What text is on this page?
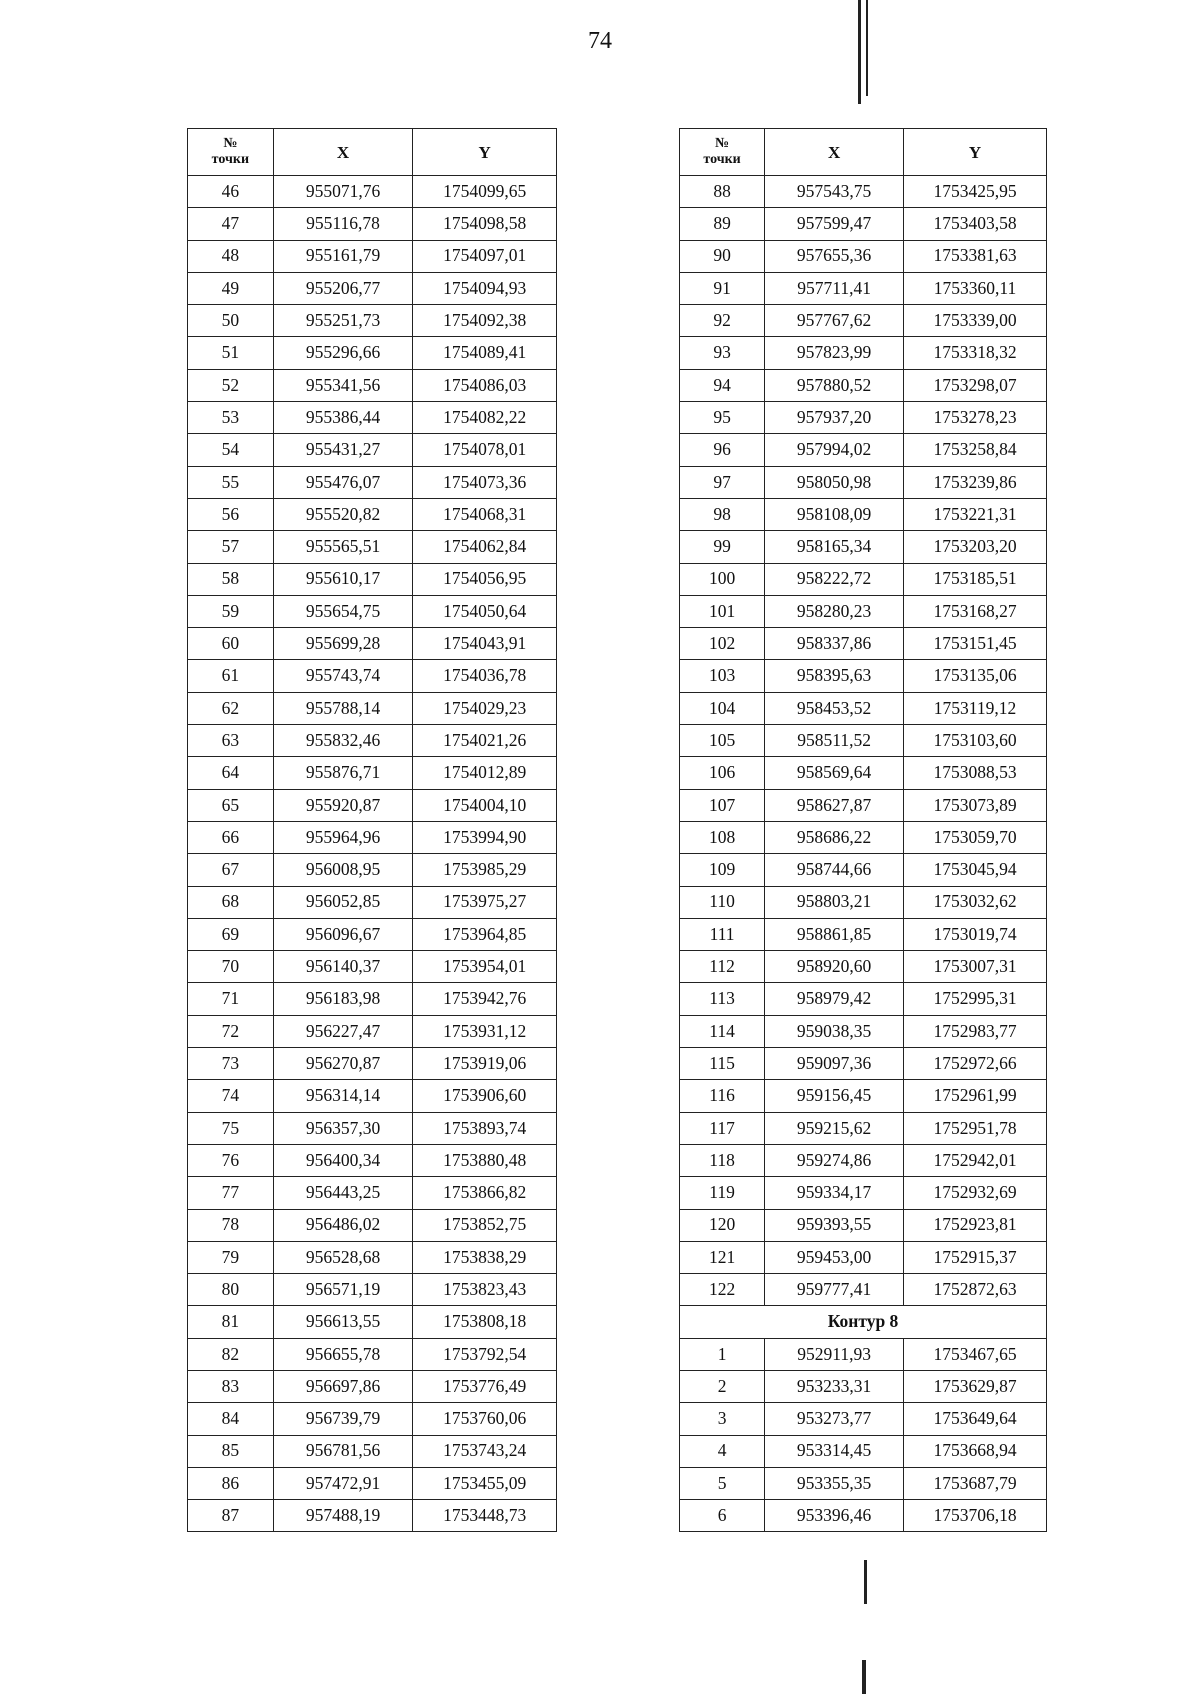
74
№
точки	X	Y
46	955071,76	1754099,65
47	955116,78	1754098,58
48	955161,79	1754097,01
49	955206,77	1754094,93
50	955251,73	1754092,38
51	955296,66	1754089,41
52	955341,56	1754086,03
53	955386,44	1754082,22
54	955431,27	1754078,01
55	955476,07	1754073,36
56	955520,82	1754068,31
57	955565,51	1754062,84
58	955610,17	1754056,95
59	955654,75	1754050,64
60	955699,28	1754043,91
61	955743,74	1754036,78
62	955788,14	1754029,23
63	955832,46	1754021,26
64	955876,71	1754012,89
65	955920,87	1754004,10
66	955964,96	1753994,90
67	956008,95	1753985,29
68	956052,85	1753975,27
69	956096,67	1753964,85
70	956140,37	1753954,01
71	956183,98	1753942,76
72	956227,47	1753931,12
73	956270,87	1753919,06
74	956314,14	1753906,60
75	956357,30	1753893,74
76	956400,34	1753880,48
77	956443,25	1753866,82
78	956486,02	1753852,75
79	956528,68	1753838,29
80	956571,19	1753823,43
81	956613,55	1753808,18
82	956655,78	1753792,54
83	956697,86	1753776,49
84	956739,79	1753760,06
85	956781,56	1753743,24
86	957472,91	1753455,09
87	957488,19	1753448,73
№
точки	X	Y
88	957543,75	1753425,95
89	957599,47	1753403,58
90	957655,36	1753381,63
91	957711,41	1753360,11
92	957767,62	1753339,00
93	957823,99	1753318,32
94	957880,52	1753298,07
95	957937,20	1753278,23
96	957994,02	1753258,84
97	958050,98	1753239,86
98	958108,09	1753221,31
99	958165,34	1753203,20
100	958222,72	1753185,51
101	958280,23	1753168,27
102	958337,86	1753151,45
103	958395,63	1753135,06
104	958453,52	1753119,12
105	958511,52	1753103,60
106	958569,64	1753088,53
107	958627,87	1753073,89
108	958686,22	1753059,70
109	958744,66	1753045,94
110	958803,21	1753032,62
111	958861,85	1753019,74
112	958920,60	1753007,31
113	958979,42	1752995,31
114	959038,35	1752983,77
115	959097,36	1752972,66
116	959156,45	1752961,99
117	959215,62	1752951,78
118	959274,86	1752942,01
119	959334,17	1752932,69
120	959393,55	1752923,81
121	959453,00	1752915,37
122	959777,41	1752872,63
Контур 8		
1	952911,93	1753467,65
2	953233,31	1753629,87
3	953273,77	1753649,64
4	953314,45	1753668,94
5	953355,35	1753687,79
6	953396,46	1753706,18
